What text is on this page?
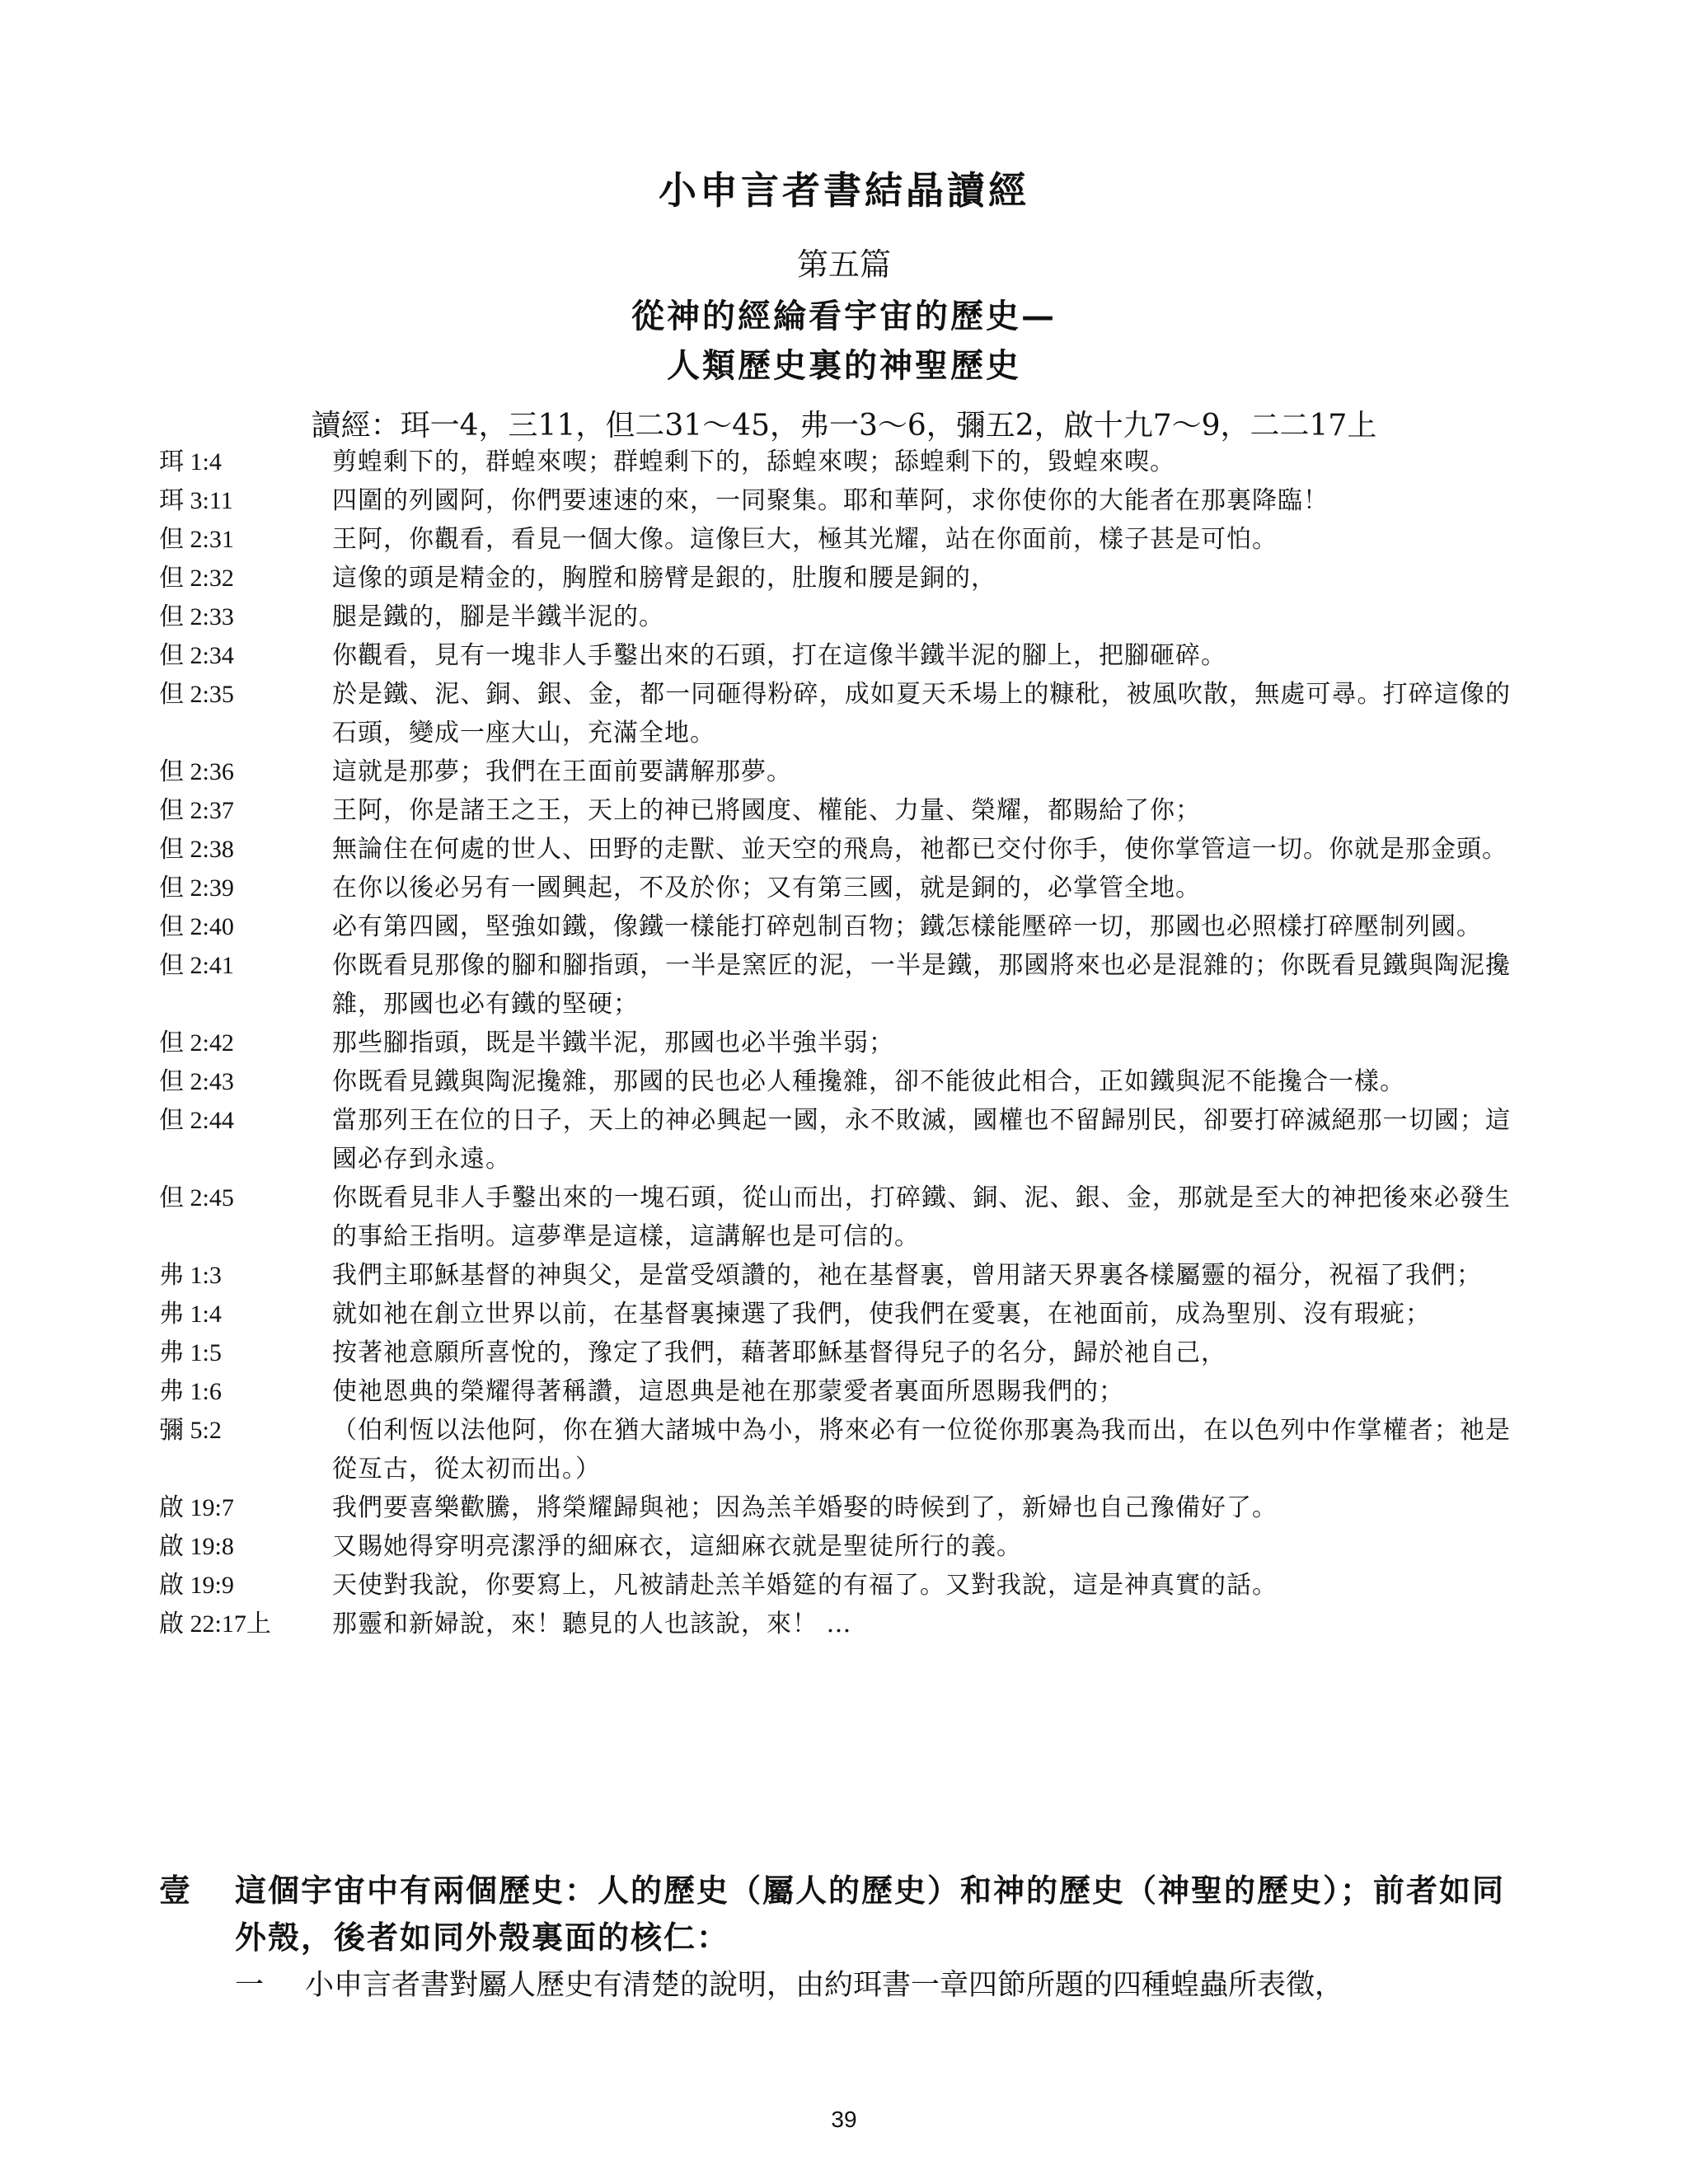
小申言者書結晶讀經
第五篇
從神的經綸看宇宙的歷史—
人類歷史裏的神聖歷史
讀經：珥一4，三11，但二31～45，弗一3～6，彌五2，啟十九7～9，二二17上
珥 1:4	剪蝗剩下的，群蝗來喫；群蝗剩下的，舔蝗來喫；舔蝗剩下的，毀蝗來喫。
珥 3:11	四圍的列國阿，你們要速速的來，一同聚集。耶和華阿，求你使你的大能者在那裏降臨！
但 2:31	王阿，你觀看，看見一個大像。這像巨大，極其光耀，站在你面前，樣子甚是可怕。
但 2:32	這像的頭是精金的，胸膛和膀臂是銀的，肚腹和腰是銅的，
但 2:33	腿是鐵的，腳是半鐵半泥的。
但 2:34	你觀看，見有一塊非人手鑿出來的石頭，打在這像半鐵半泥的腳上，把腳砸碎。
但 2:35	於是鐵、泥、銅、銀、金，都一同砸得粉碎，成如夏天禾場上的糠秕，被風吹散，無處可尋。打碎這像的石頭，變成一座大山，充滿全地。
但 2:36	這就是那夢；我們在王面前要講解那夢。
但 2:37	王阿，你是諸王之王，天上的神已將國度、權能、力量、榮耀，都賜給了你；
但 2:38	無論住在何處的世人、田野的走獸、並天空的飛鳥，祂都已交付你手，使你掌管這一切。你就是那金頭。
但 2:39	在你以後必另有一國興起，不及於你；又有第三國，就是銅的，必掌管全地。
但 2:40	必有第四國，堅強如鐵，像鐵一樣能打碎剋制百物；鐵怎樣能壓碎一切，那國也必照樣打碎壓制列國。
但 2:41	你既看見那像的腳和腳指頭，一半是窯匠的泥，一半是鐵，那國將來也必是混雜的；你既看見鐵與陶泥攙雜，那國也必有鐵的堅硬；
但 2:42	那些腳指頭，既是半鐵半泥，那國也必半強半弱；
但 2:43	你既看見鐵與陶泥攙雜，那國的民也必人種攙雜，卻不能彼此相合，正如鐵與泥不能攙合一樣。
但 2:44	當那列王在位的日子，天上的神必興起一國，永不敗滅，國權也不留歸別民，卻要打碎滅絕那一切國；這國必存到永遠。
但 2:45	你既看見非人手鑿出來的一塊石頭，從山而出，打碎鐵、銅、泥、銀、金，那就是至大的神把後來必發生的事給王指明。這夢準是這樣，這講解也是可信的。
弗 1:3	我們主耶穌基督的神與父，是當受頌讚的，祂在基督裏，曾用諸天界裏各樣屬靈的福分，祝福了我們；
弗 1:4	就如祂在創立世界以前，在基督裏揀選了我們，使我們在愛裏，在祂面前，成為聖別、沒有瑕疵；
弗 1:5	按著祂意願所喜悅的，豫定了我們，藉著耶穌基督得兒子的名分，歸於祂自己，
弗 1:6	使祂恩典的榮耀得著稱讚，這恩典是祂在那蒙愛者裏面所恩賜我們的；
彌 5:2	（伯利恆以法他阿，你在猶大諸城中為小，將來必有一位從你那裏為我而出，在以色列中作掌權者；祂是從亙古，從太初而出。）
啟 19:7	我們要喜樂歡騰，將榮耀歸與祂；因為羔羊婚娶的時候到了，新婦也自己豫備好了。
啟 19:8	又賜她得穿明亮潔淨的細麻衣，這細麻衣就是聖徒所行的義。
啟 19:9	天使對我說，你要寫上，凡被請赴羔羊婚筵的有福了。又對我說，這是神真實的話。
啟 22:17上	那靈和新婦說，來！聽見的人也該說，來！ …
壹	這個宇宙中有兩個歷史：人的歷史（屬人的歷史）和神的歷史（神聖的歷史）；前者如同外殼，後者如同外殼裏面的核仁：
一	小申言者書對屬人歷史有清楚的說明，由約珥書一章四節所題的四種蝗蟲所表徵，
39
